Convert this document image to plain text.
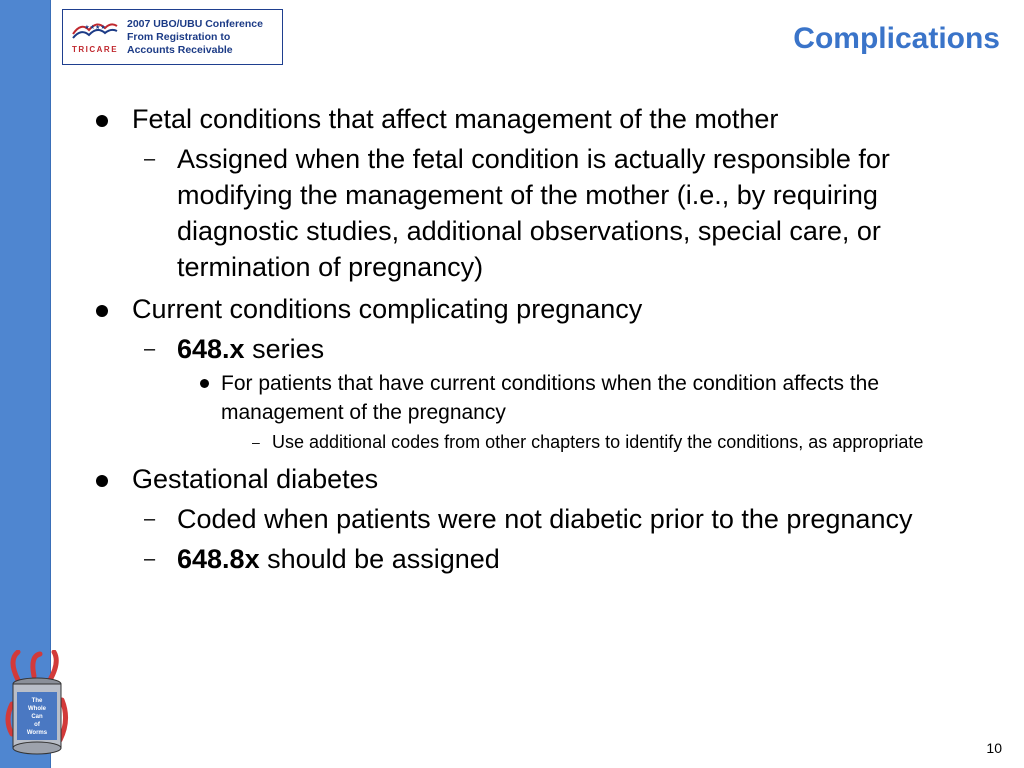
★★★★
TRICARE
2007 UBO/UBU Conference
From Registration to
Accounts Receivable	Complications
Fetal conditions that affect management of the mother
– Assigned when the fetal condition is actually responsible for modifying the management of the mother (i.e., by requiring diagnostic studies, additional observations, special care, or termination of pregnancy)
Current conditions complicating pregnancy
– 648.x series
For patients that have current conditions when the condition affects the management of the pregnancy
– Use additional codes from other chapters to identify the conditions, as appropriate
Gestational diabetes
– Coded when patients were not diabetic prior to the pregnancy
– 648.8x should be assigned
The
Whole
Can
of
Worms
10
